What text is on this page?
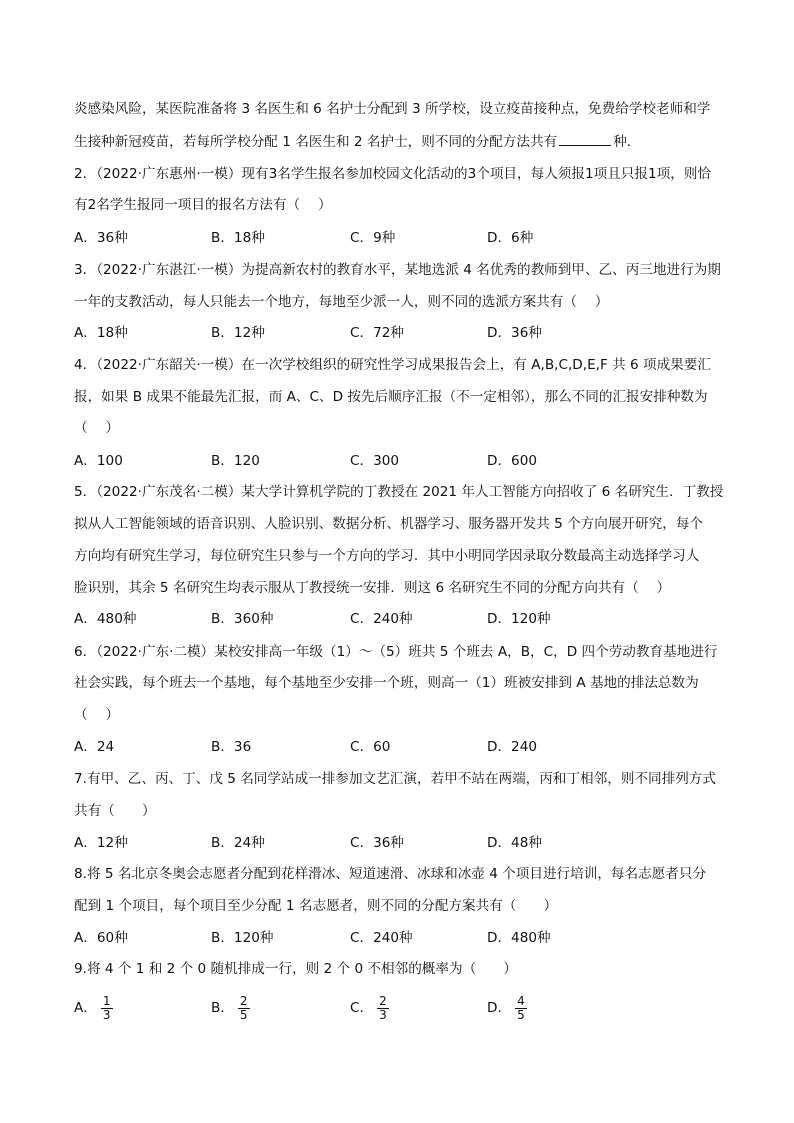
炎感染风险，某医院准备将 3 名医生和 6 名护士分配到 3 所学校，设立疫苗接种点，免费给学校老师和学
生接种新冠疫苗，若每所学校分配 1 名医生和 2 名护士，则不同的分配方法共有	种．
2．（2022·广东惠州·一模）现有3名学生报名参加校园文化活动的3个项目，每人须报1项且只报1项，则恰
有2名学生报同一项目的报名方法有（　 ）
A．36种	B．18种	C．9种	D．6种
3．（2022·广东湛江·一模）为提高新农村的教育水平，某地选派 4 名优秀的教师到甲、乙、丙三地进行为期
一年的支教活动，每人只能去一个地方，每地至少派一人，则不同的选派方案共有（　 ）
A．18种	B．12种	C．72种	D．36种
4．（2022·广东韶关·一模）在一次学校组织的研究性学习成果报告会上，有 A,B,C,D,E,F 共 6 项成果要汇
报，如果 B 成果不能最先汇报，而 A、C、D 按先后顺序汇报（不一定相邻），那么不同的汇报安排种数为
（　 ）
A．100	B．120	C．300	D．600
5．（2022·广东茂名·二模）某大学计算机学院的丁教授在 2021 年人工智能方向招收了 6 名研究生．丁教授
拟从人工智能领域的语音识别、人脸识别、数据分析、机器学习、服务器开发共 5 个方向展开研究，每个
方向均有研究生学习，每位研究生只参与一个方向的学习．其中小明同学因录取分数最高主动选择学习人
脸识别，其余 5 名研究生均表示服从丁教授统一安排．则这 6 名研究生不同的分配方向共有（　 ）
A．480种	B．360种	C．240种	D．120种
6．（2022·广东·二模）某校安排高一年级（1）～（5）班共 5 个班去 A，B，C，D 四个劳动教育基地进行
社会实践，每个班去一个基地，每个基地至少安排一个班，则高一（1）班被安排到 A 基地的排法总数为
（　 ）
A．24	B．36	C．60	D．240
7.有甲、乙、丙、丁、戊 5 名同学站成一排参加文艺汇演，若甲不站在两端，丙和丁相邻，则不同排列方式
共有（　　）
A．12种	B．24种	C．36种	D．48种
8.将 5 名北京冬奥会志愿者分配到花样滑冰、短道速滑、冰球和冰壶 4 个项目进行培训，每名志愿者只分
配到 1 个项目，每个项目至少分配 1 名志愿者，则不同的分配方案共有（　　）
A．60种	B．120种	C．240种	D．480种
9.将 4 个 1 和 2 个 0 随机排成一行，则 2 个 0 不相邻的概率为（　　）
A． $\frac{1}{3}$	B． $\frac{2}{5}$	C． $\frac{2}{3}$	D． $\frac{4}{5}$
